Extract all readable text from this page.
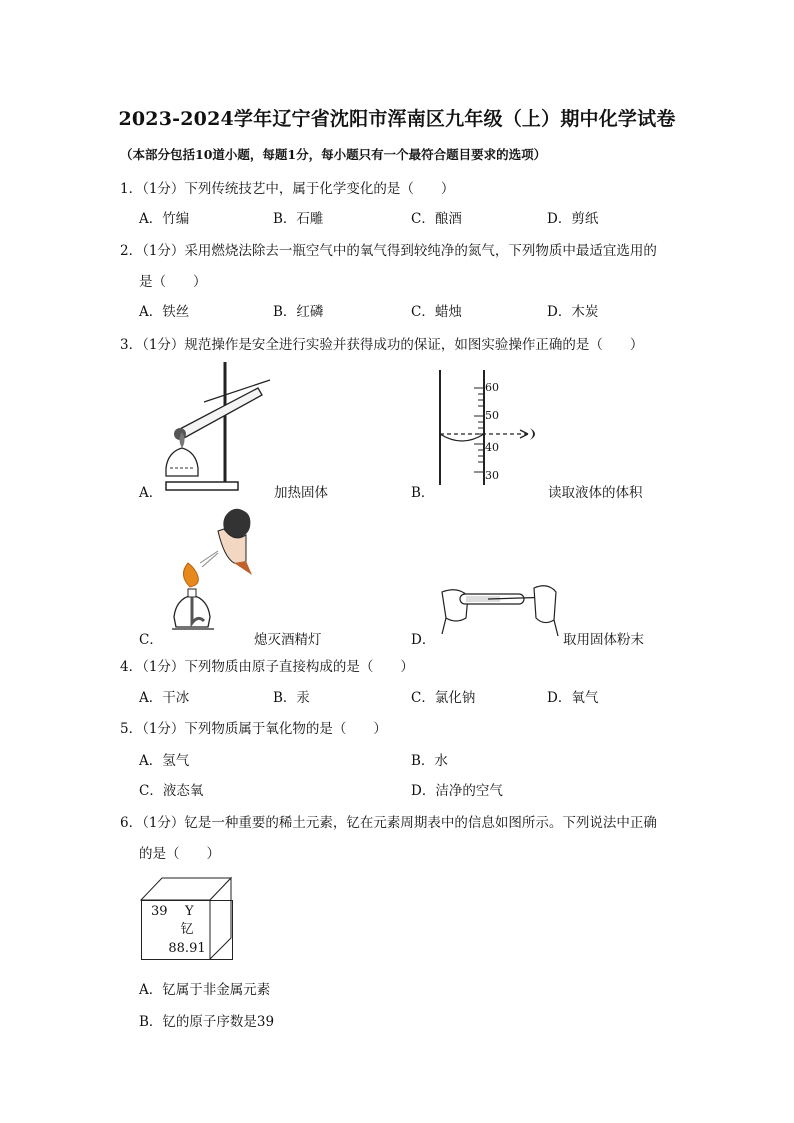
2023-2024学年辽宁省沈阳市浑南区九年级（上）期中化学试卷
（本部分包括10道小题，每题1分，每小题只有一个最符合题目要求的选项）
1．（1分）下列传统技艺中，属于化学变化的是（　　）
A．竹编	B．石雕	C．酿酒	D．剪纸
2．（1分）采用燃烧法除去一瓶空气中的氧气得到较纯净的氮气，下列物质中最适宜选用的
是（　　）
A．铁丝	B．红磷	C．蜡烛	D．木炭
3．（1分）规范操作是安全进行实验并获得成功的保证，如图实验操作正确的是（　　）
A．	加热固体
60
50
40
30
B．	读取液体的体积
C．	熄灭酒精灯	D．	取用固体粉末
4．（1分）下列物质由原子直接构成的是（　　）
A．干冰	B．汞	C．氯化钠	D．氧气
5．（1分）下列物质属于氧化物的是（　　）
A．氢气	B．水
C．液态氧	D．洁净的空气
6．（1分）钇是一种重要的稀土元素，钇在元素周期表中的信息如图所示。下列说法中正确
的是（　　）
39 Y
钇
88.91
A．钇属于非金属元素
B．钇的原子序数是39
